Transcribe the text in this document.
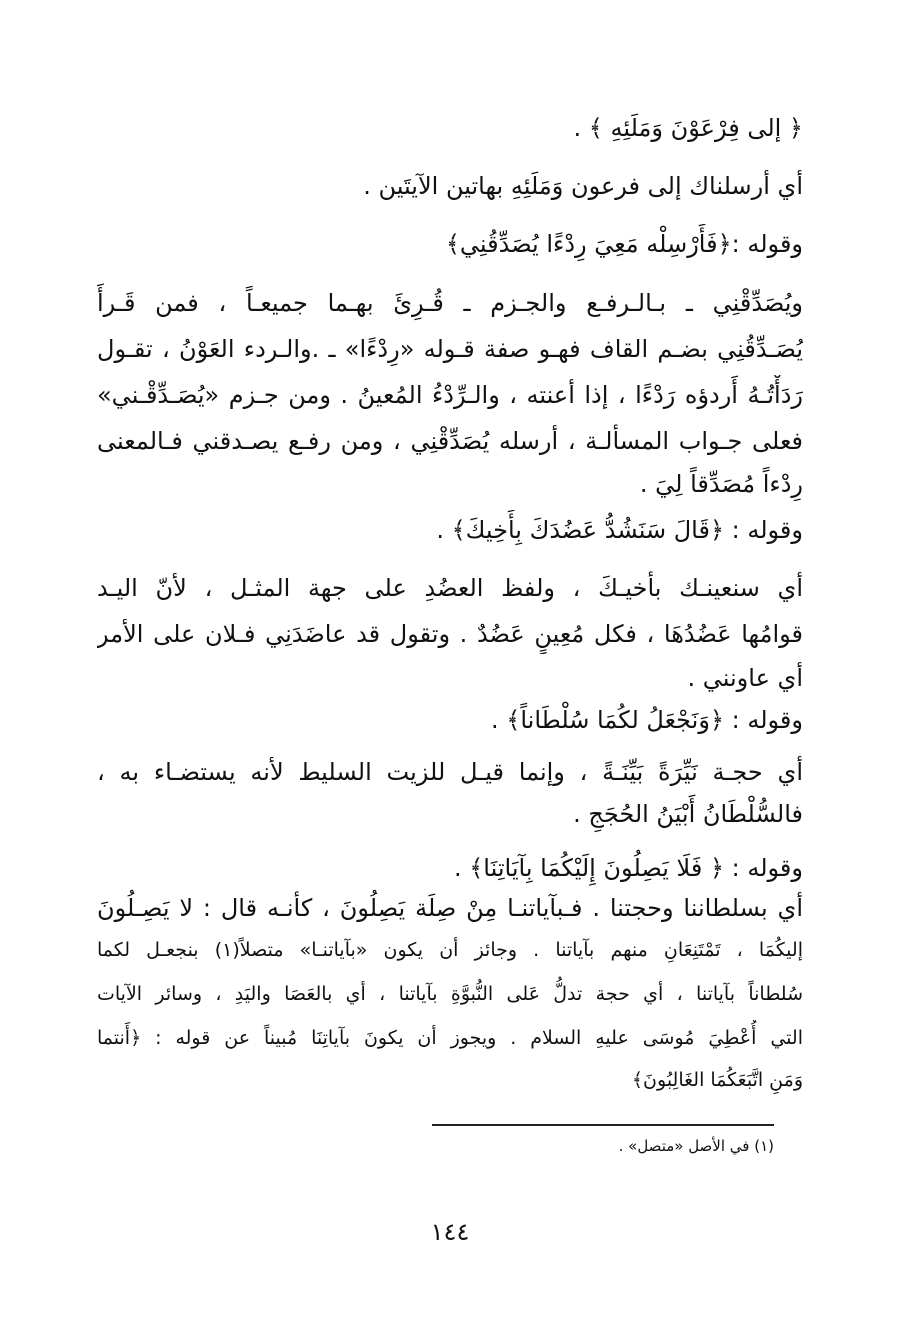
﴿ إلى فِرْعَوْنَ وَمَلَئِهِ ﴾ .
أي أرسلناك إلى فرعون وَمَلَئِهِ بهاتين الآيتَين .
وقوله :﴿فَأَرْسِلْه مَعِيَ رِدْءًا يُصَدِّقُنِي﴾
ويُصَدِّقْنِي ـ بـالـرفـع والجـزم ـ قُـرِئَ بهـما جميعـاً ، فمن قَـرأَ
يُصَـدِّقُنِي بضـم القاف فهـو صفة قـوله «رِدْءًا» ـ .والـردء العَوْنُ ، تقـول
رَدَأْتُـهُ أَردؤه رَدْءًا ، إذا أعنته ، والـرِّدْءُ المُعينُ . ومن جـزم «يُصَـدِّقْـني»
فعلى جـواب المسألـة ، أرسله يُصَدِّقْنِي ، ومن رفـع يصـدقني فـالمعنى
رِدْءاً مُصَدِّقاً لِيَ .
وقوله : ﴿قَالَ سَنَشُدُّ عَضُدَكَ بِأَخِيكَ﴾ .
أي سنعينـك بأخيـكَ ، ولفظ العضُدِ على جهة المثـل ، لأنّ اليـد
قوامُها عَضُدُهَا ، فكل مُعِينٍ عَضُدٌ . وتقول قد عاضَدَنِي فـلان على الأمر
أي عاونني .
وقوله : ﴿وَنَجْعَلُ لكُمَا سُلْطَاناً﴾ .
أي حجـة نَيِّرَةً بَيِّنَـةً ، وإنما قيـل للزيت السليط لأنه يستضـاء به ،
فالسُّلْطَانُ أَبْيَنُ الحُجَجِ .
وقوله : ﴿ فَلَا يَصِلُونَ إِلَيْكُمَا بِآيَاتِنَا﴾ .
أي بسلطاننا وحجتنا . فـبآياتنـا مِنْ صِلَة يَصِلُونَ ، كأنـه قال : لا يَصِـلُونَ
إليكُمَا ، تَمْتَنِعَانِ منهم بآياتنا . وجائز أن يكون «بآياتنـا» متصلاً(١) بنجعـل لكما
سُلطاناً بآياتنا ، أي حجة تدلُّ عَلى النُّبوَّةِ بآياتنا ، أي بالعَصَا واليَدِ ، وسائر الآيات
التي أُعْطِيَ مُوسَى عليهِ السلام . ويجوز أن يكونَ بآياتِنَا مُبيناً عن قوله : ﴿أَنتما
وَمَنِ اتَّبَعَكُمَا الغَالِبُونَ﴾
(١) في الأصل «متصل» .
١٤٤
